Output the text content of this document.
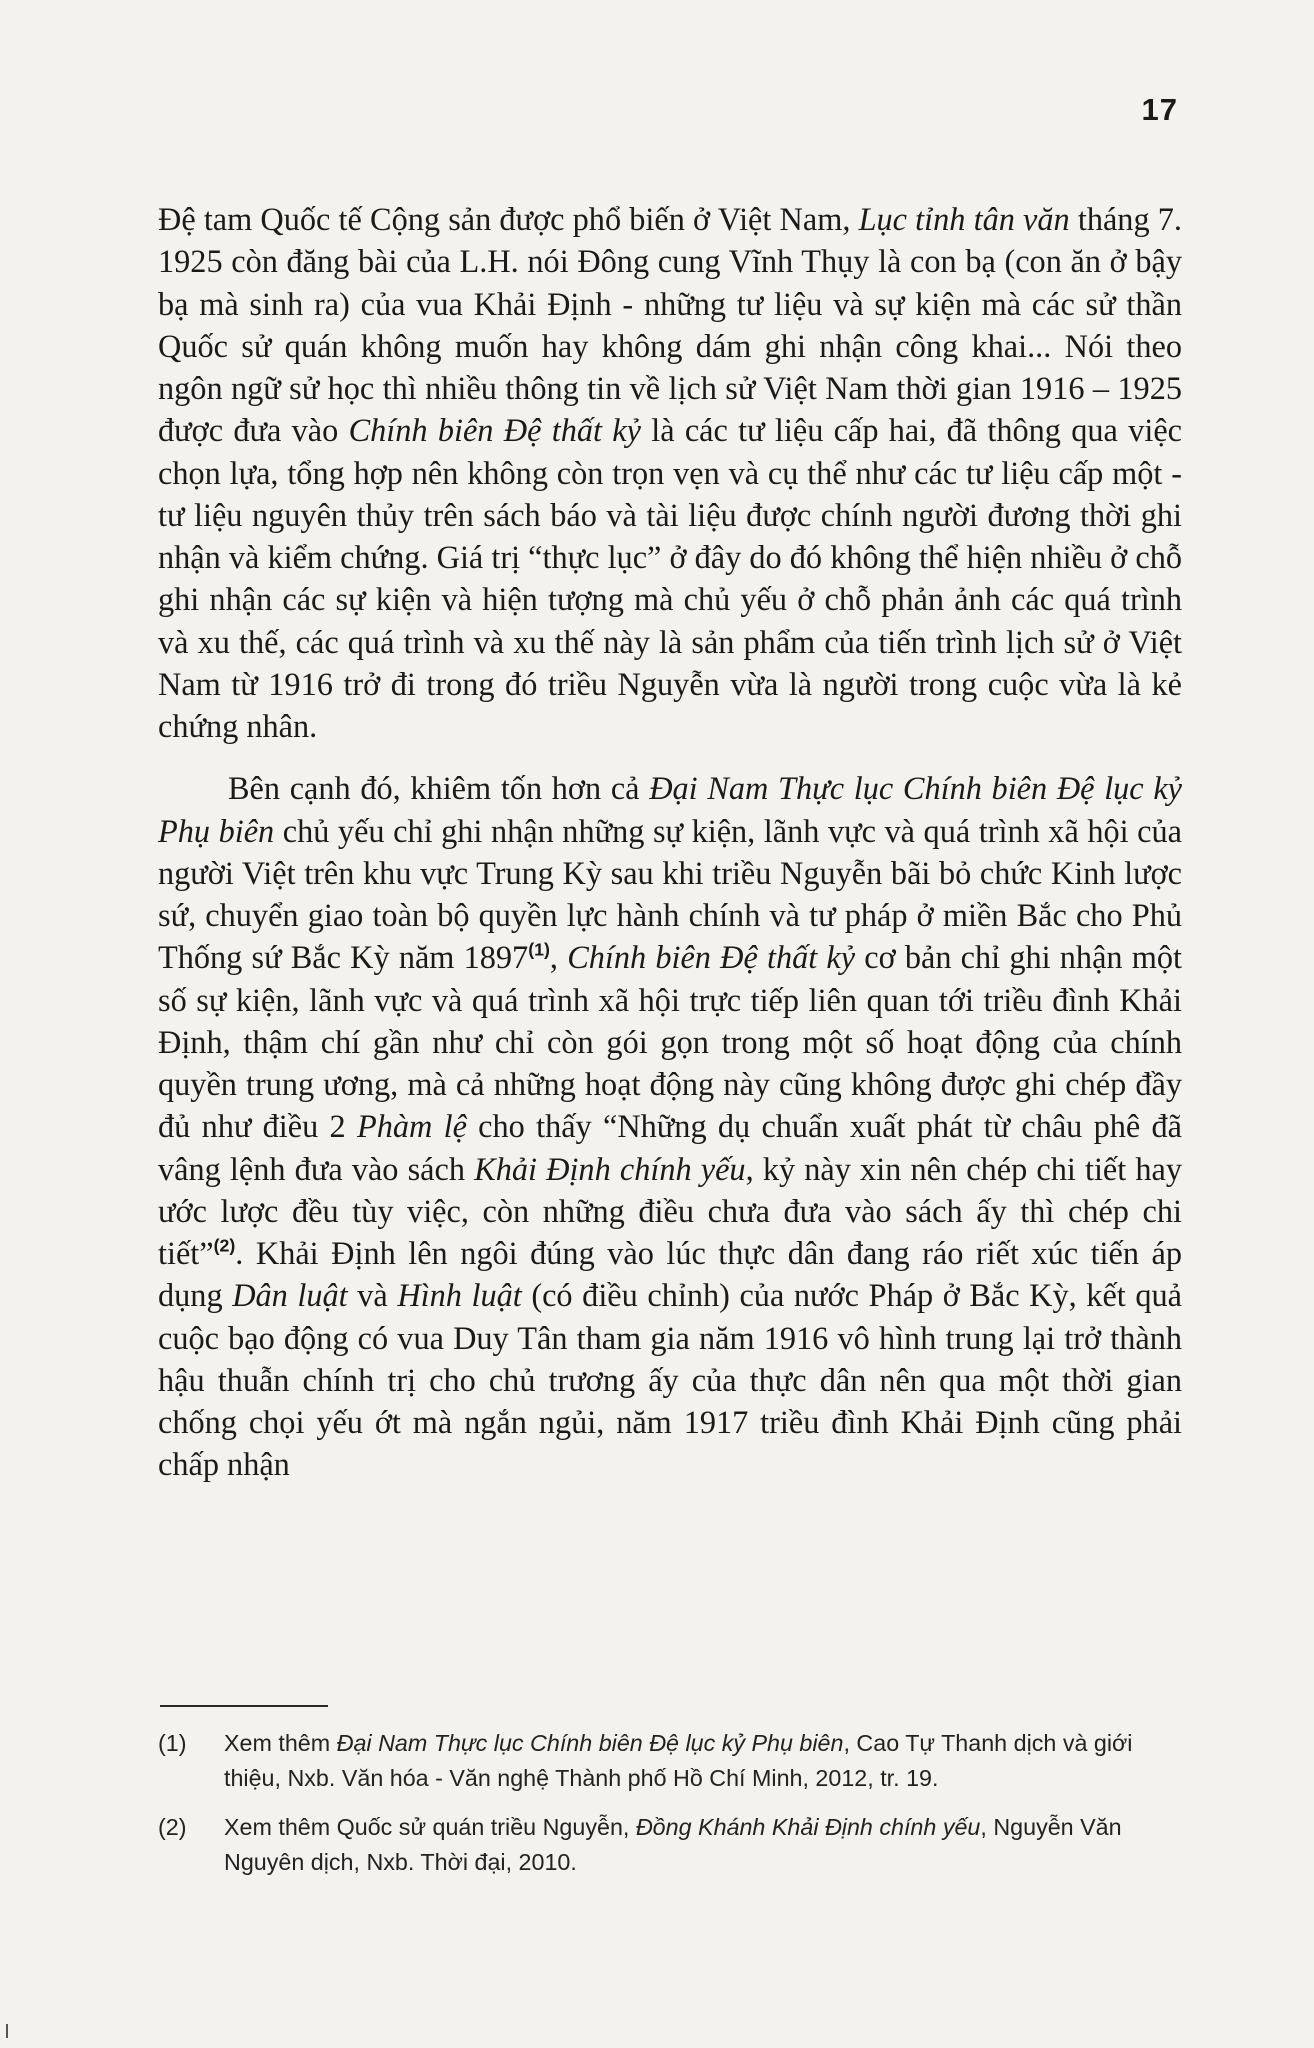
17

Đệ tam Quốc tế Cộng sản được phổ biến ở Việt Nam, Lục tỉnh tân văn tháng 7. 1925 còn đăng bài của L.H. nói Đông cung Vĩnh Thụy là con bạ (con ăn ở bậy bạ mà sinh ra) của vua Khải Định - những tư liệu và sự kiện mà các sử thần Quốc sử quán không muốn hay không dám ghi nhận công khai... Nói theo ngôn ngữ sử học thì nhiều thông tin về lịch sử Việt Nam thời gian 1916 – 1925 được đưa vào Chính biên Đệ thất kỷ là các tư liệu cấp hai, đã thông qua việc chọn lựa, tổng hợp nên không còn trọn vẹn và cụ thể như các tư liệu cấp một - tư liệu nguyên thủy trên sách báo và tài liệu được chính người đương thời ghi nhận và kiểm chứng. Giá trị “thực lục” ở đây do đó không thể hiện nhiều ở chỗ ghi nhận các sự kiện và hiện tượng mà chủ yếu ở chỗ phản ảnh các quá trình và xu thế, các quá trình và xu thế này là sản phẩm của tiến trình lịch sử ở Việt Nam từ 1916 trở đi trong đó triều Nguyễn vừa là người trong cuộc vừa là kẻ chứng nhân.

Bên cạnh đó, khiêm tốn hơn cả Đại Nam Thực lục Chính biên Đệ lục kỷ Phụ biên chủ yếu chỉ ghi nhận những sự kiện, lãnh vực và quá trình xã hội của người Việt trên khu vực Trung Kỳ sau khi triều Nguyễn bãi bỏ chức Kinh lược sứ, chuyển giao toàn bộ quyền lực hành chính và tư pháp ở miền Bắc cho Phủ Thống sứ Bắc Kỳ năm 1897$^{(1)}$, Chính biên Đệ thất kỷ cơ bản chỉ ghi nhận một số sự kiện, lãnh vực và quá trình xã hội trực tiếp liên quan tới triều đình Khải Định, thậm chí gần như chỉ còn gói gọn trong một số hoạt động của chính quyền trung ương, mà cả những hoạt động này cũng không được ghi chép đầy đủ như điều 2 Phàm lệ cho thấy “Những dụ chuẩn xuất phát từ châu phê đã vâng lệnh đưa vào sách Khải Định chính yếu, kỷ này xin nên chép chi tiết hay ước lược đều tùy việc, còn những điều chưa đưa vào sách ấy thì chép chi tiết”$^{(2)}$. Khải Định lên ngôi đúng vào lúc thực dân đang ráo riết xúc tiến áp dụng Dân luật và Hình luật (có điều chỉnh) của nước Pháp ở Bắc Kỳ, kết quả cuộc bạo động có vua Duy Tân tham gia năm 1916 vô hình trung lại trở thành hậu thuẫn chính trị cho chủ trương ấy của thực dân nên qua một thời gian chống chọi yếu ớt mà ngắn ngủi, năm 1917 triều đình Khải Định cũng phải chấp nhận

(1)	Xem thêm Đại Nam Thực lục Chính biên Đệ lục kỷ Phụ biên, Cao Tự Thanh dịch và giới thiệu, Nxb. Văn hóa - Văn nghệ Thành phố Hồ Chí Minh, 2012, tr. 19.
(2)	Xem thêm Quốc sử quán triều Nguyễn, Đồng Khánh Khải Định chính yếu, Nguyễn Văn Nguyên dịch, Nxb. Thời đại, 2010.
